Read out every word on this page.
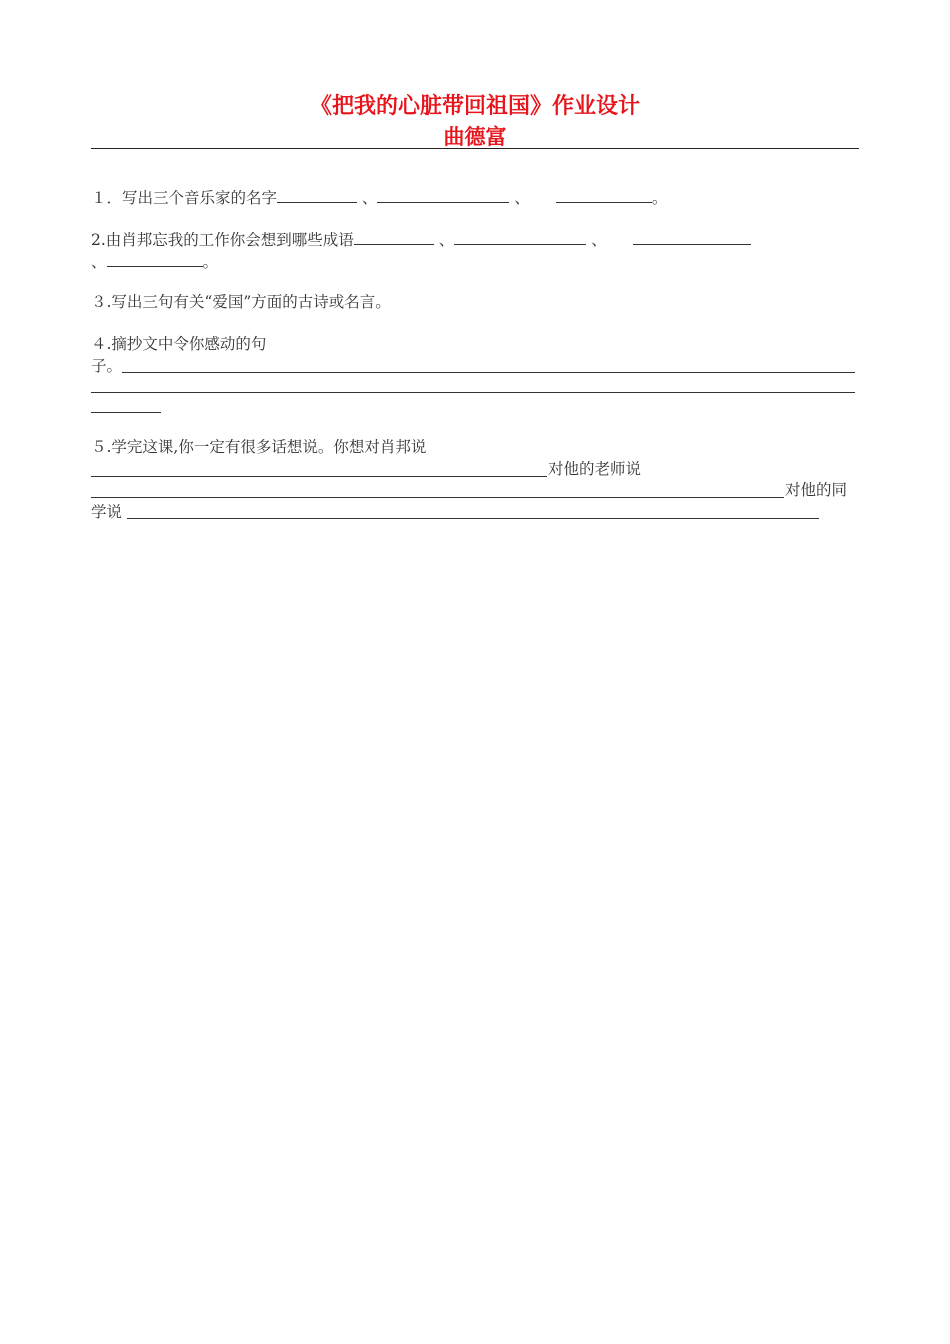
《把我的心脏带回祖国》作业设计
曲德富
１．写出三个音乐家的名字	、	、	。
2.由肖邦忘我的工作你会想到哪些成语	、	、
、	。
３.写出三句有关“爱国”方面的古诗或名言。
４.摘抄文中令你感动的句
子。
５.学完这课,你一定有很多话想说。你想对肖邦说
对他的老师说
对他的同
学说
